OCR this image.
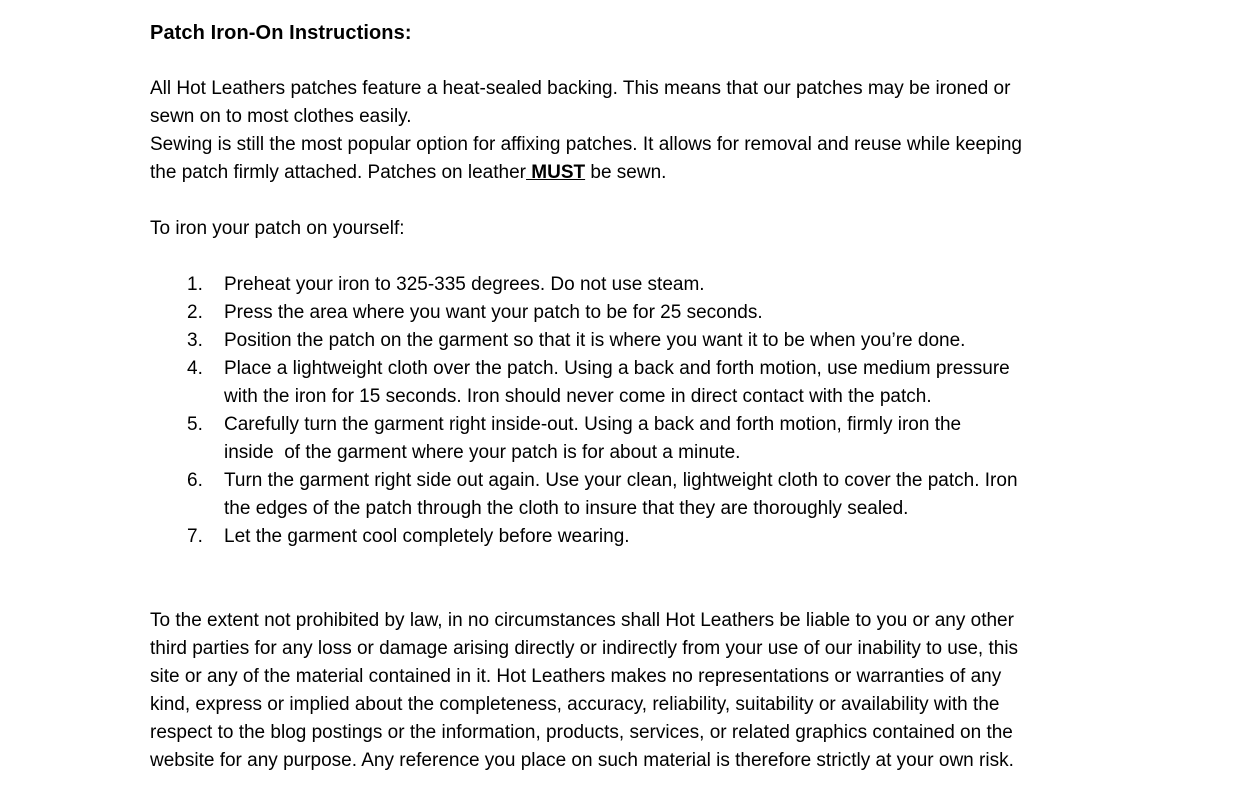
Patch Iron-On Instructions:
All Hot Leathers patches feature a heat-sealed backing. This means that our patches may be ironed or
sewn on to most clothes easily.
Sewing is still the most popular option for affixing patches. It allows for removal and reuse while keeping
the patch firmly attached. Patches on leather MUST be sewn.
To iron your patch on yourself:
1.	Preheat your iron to 325-335 degrees. Do not use steam.
2.	Press the area where you want your patch to be for 25 seconds.
3.	Position the patch on the garment so that it is where you want it to be when you’re done.
4.	Place a lightweight cloth over the patch. Using a back and forth motion, use medium pressure
with the iron for 15 seconds. Iron should never come in direct contact with the patch.
5.	Carefully turn the garment right inside-out. Using a back and forth motion, firmly iron the
inside  of the garment where your patch is for about a minute.
6.	Turn the garment right side out again. Use your clean, lightweight cloth to cover the patch. Iron
the edges of the patch through the cloth to insure that they are thoroughly sealed.
7.	Let the garment cool completely before wearing.
To the extent not prohibited by law, in no circumstances shall Hot Leathers be liable to you or any other
third parties for any loss or damage arising directly or indirectly from your use of our inability to use, this
site or any of the material contained in it. Hot Leathers makes no representations or warranties of any
kind, express or implied about the completeness, accuracy, reliability, suitability or availability with the
respect to the blog postings or the information, products, services, or related graphics contained on the
website for any purpose. Any reference you place on such material is therefore strictly at your own risk.
